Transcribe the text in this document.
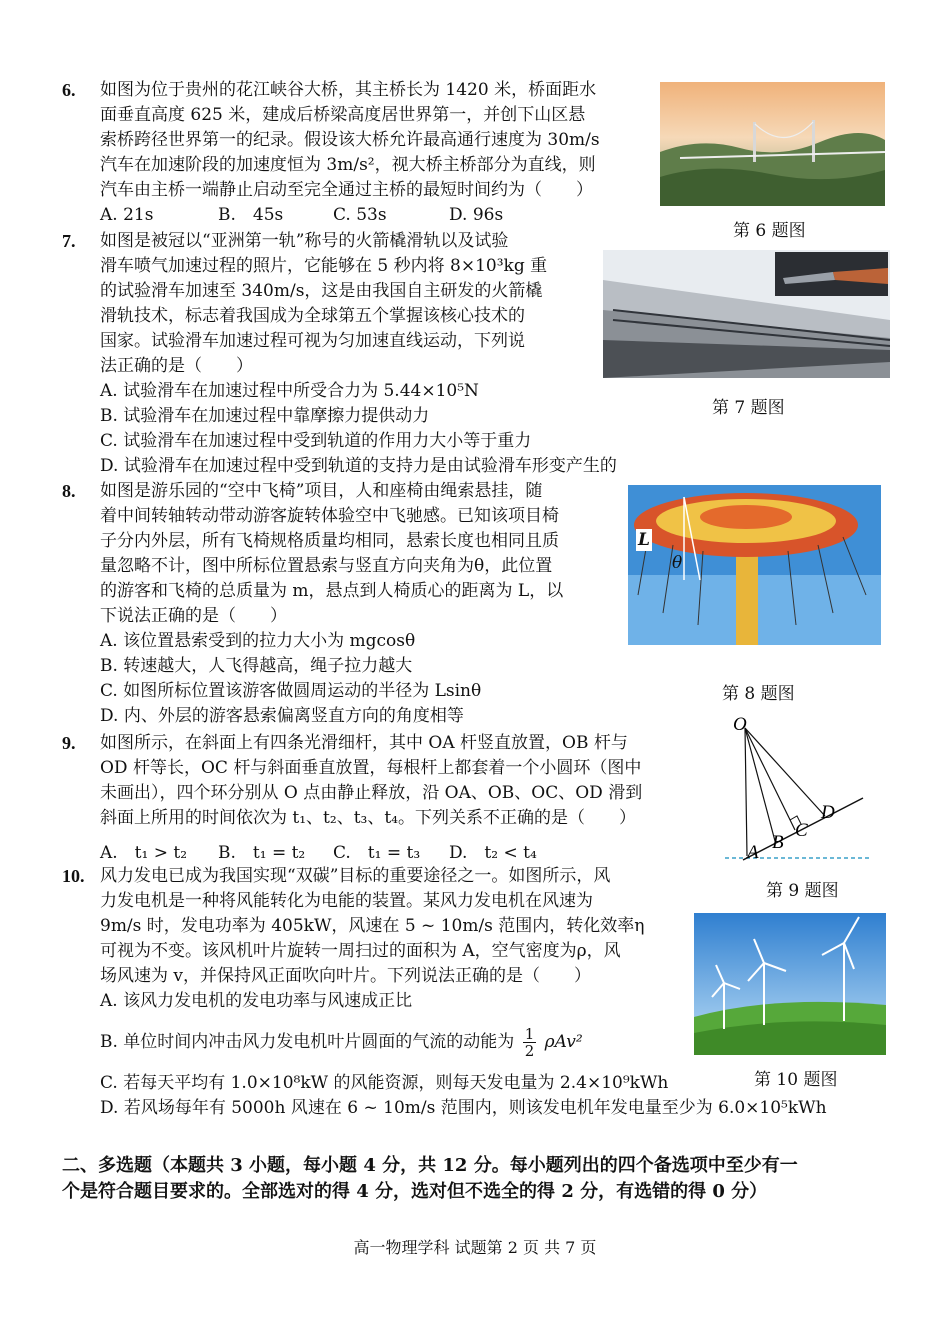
6. 如图为位于贵州的花江峡谷大桥，其主桥长为 1420 米，桥面距水
面垂直高度 625 米，建成后桥梁高度居世界第一，并创下山区悬
索桥跨径世界第一的纪录。假设该大桥允许最高通行速度为 30m/s
汽车在加速阶段的加速度恒为 3m/s²，视大桥主桥部分为直线，则
汽车由主桥一端静止启动至完全通过主桥的最短时间约为（　　）
A. 21s	B.　45s	C. 53s	D. 96s
第 6 题图
7. 如图是被冠以“亚洲第一轨”称号的火箭橇滑轨以及试验
滑车喷气加速过程的照片，它能够在 5 秒内将 8×10³kg 重
的试验滑车加速至 340m/s，这是由我国自主研发的火箭橇
滑轨技术，标志着我国成为全球第五个掌握该核心技术的
国家。试验滑车加速过程可视为匀加速直线运动，下列说
法正确的是（　　）
A. 试验滑车在加速过程中所受合力为 5.44×10⁵N
B. 试验滑车在加速过程中靠摩擦力提供动力
C. 试验滑车在加速过程中受到轨道的作用力大小等于重力
D. 试验滑车在加速过程中受到轨道的支持力是由试验滑车形变产生的
第 7 题图
8. 如图是游乐园的“空中飞椅”项目，人和座椅由绳索悬挂，随
着中间转轴转动带动游客旋转体验空中飞驰感。已知该项目椅
子分内外层，所有飞椅规格质量均相同，悬索长度也相同且质
量忽略不计，图中所标位置悬索与竖直方向夹角为θ，此位置
的游客和飞椅的总质量为 m，悬点到人椅质心的距离为 L，以
下说法正确的是（　　）
A. 该位置悬索受到的拉力大小为 mgcosθ
B. 转速越大，人飞得越高，绳子拉力越大
C. 如图所标位置该游客做圆周运动的半径为 Lsinθ
D. 内、外层的游客悬索偏离竖直方向的角度相等
L
θ
第 8 题图
9. 如图所示，在斜面上有四条光滑细杆，其中 OA 杆竖直放置，OB 杆与
OD 杆等长，OC 杆与斜面垂直放置，每根杆上都套着一个小圆环（图中
未画出），四个环分别从 O 点由静止释放，沿 OA、OB、OC、OD 滑到
斜面上所用的时间依次为 t₁、t₂、t₃、t₄。下列关系不正确的是（　　）
A.　t₁ > t₂ B.　t₁ = t₂ C.　t₁ = t₃ D.　t₂ < t₄
O
A B
C
D
第 9 题图
10. 风力发电已成为我国实现“双碳”目标的重要途径之一。如图所示，风
力发电机是一种将风能转化为电能的装置。某风力发电机在风速为
9m/s 时，发电功率为 405kW，风速在 5 ~ 10m/s 范围内，转化效率η
可视为不变。该风机叶片旋转一周扫过的面积为 A，空气密度为ρ，风
场风速为 v，并保持风正面吹向叶片。下列说法正确的是（　　）
A. 该风力发电机的发电功率与风速成正比
B. 单位时间内冲击风力发电机叶片圆面的气流的动能为 $\frac{1}{2} \rho Av^2$
C. 若每天平均有 1.0×10⁸kW 的风能资源，则每天发电量为 2.4×10⁹kWh
D. 若风场每年有 5000h 风速在 6 ~ 10m/s 范围内，则该发电机年发电量至少为 6.0×10⁵kWh
第 10 题图
二、多选题（本题共 3 小题，每小题 4 分，共 12 分。每小题列出的四个备选项中至少有一
个是符合题目要求的。全部选对的得 4 分，选对但不选全的得 2 分，有选错的得 0 分）
高一物理学科 试题第 2 页 共 7 页
